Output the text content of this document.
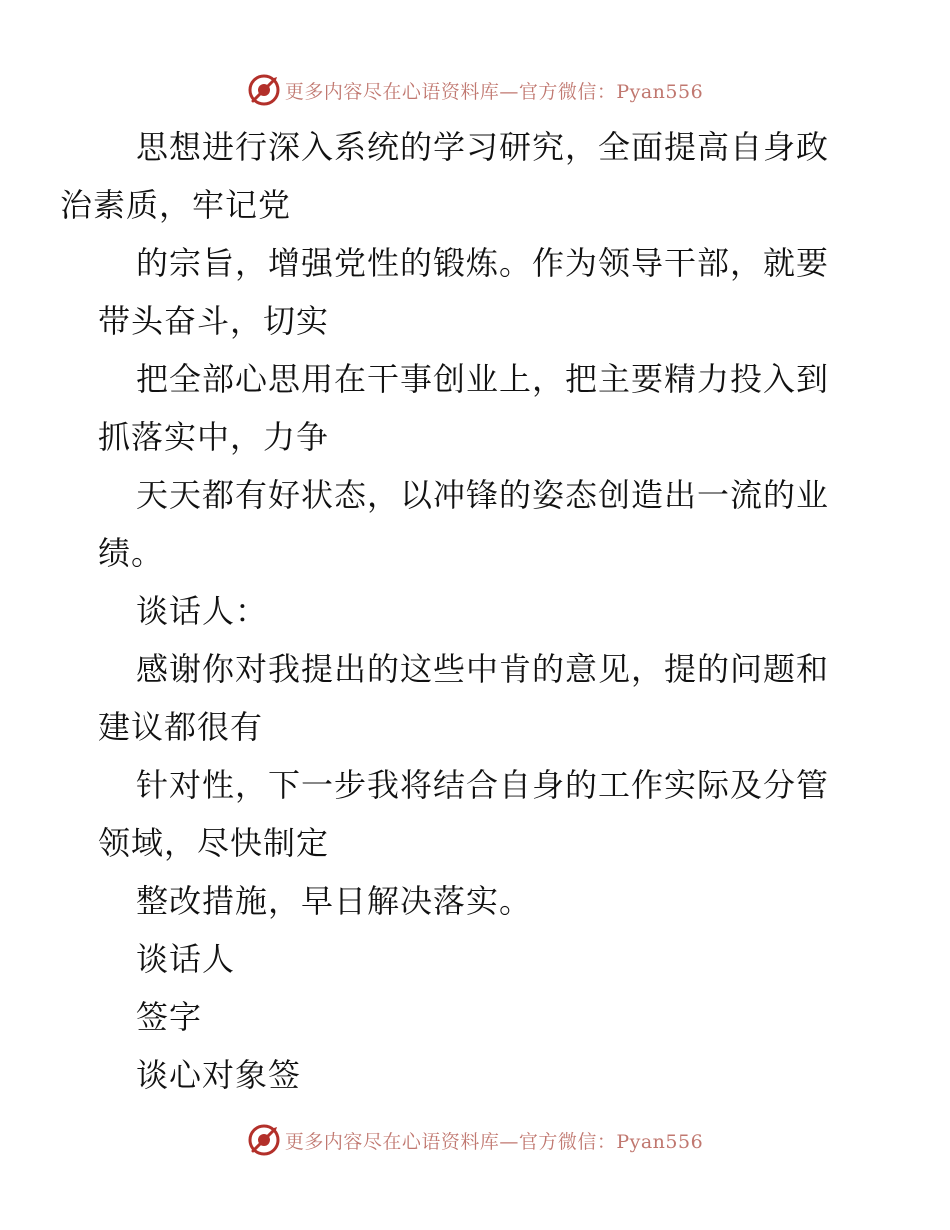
更多内容尽在心语资料库—官方微信：Pyan556

思想进行深入系统的学习研究，全面提高自身政
治素质，牢记党

的宗旨，增强党性的锻炼。作为领导干部，就要

带头奋斗，切实

把全部心思用在干事创业上，把主要精力投入到

抓落实中，力争

天天都有好状态，以冲锋的姿态创造出一流的业

绩。

谈话人：

感谢你对我提出的这些中肯的意见，提的问题和

建议都很有

针对性，下一步我将结合自身的工作实际及分管

领域，尽快制定

整改措施，早日解决落实。

谈话人

签字

谈心对象签

更多内容尽在心语资料库—官方微信：Pyan556
